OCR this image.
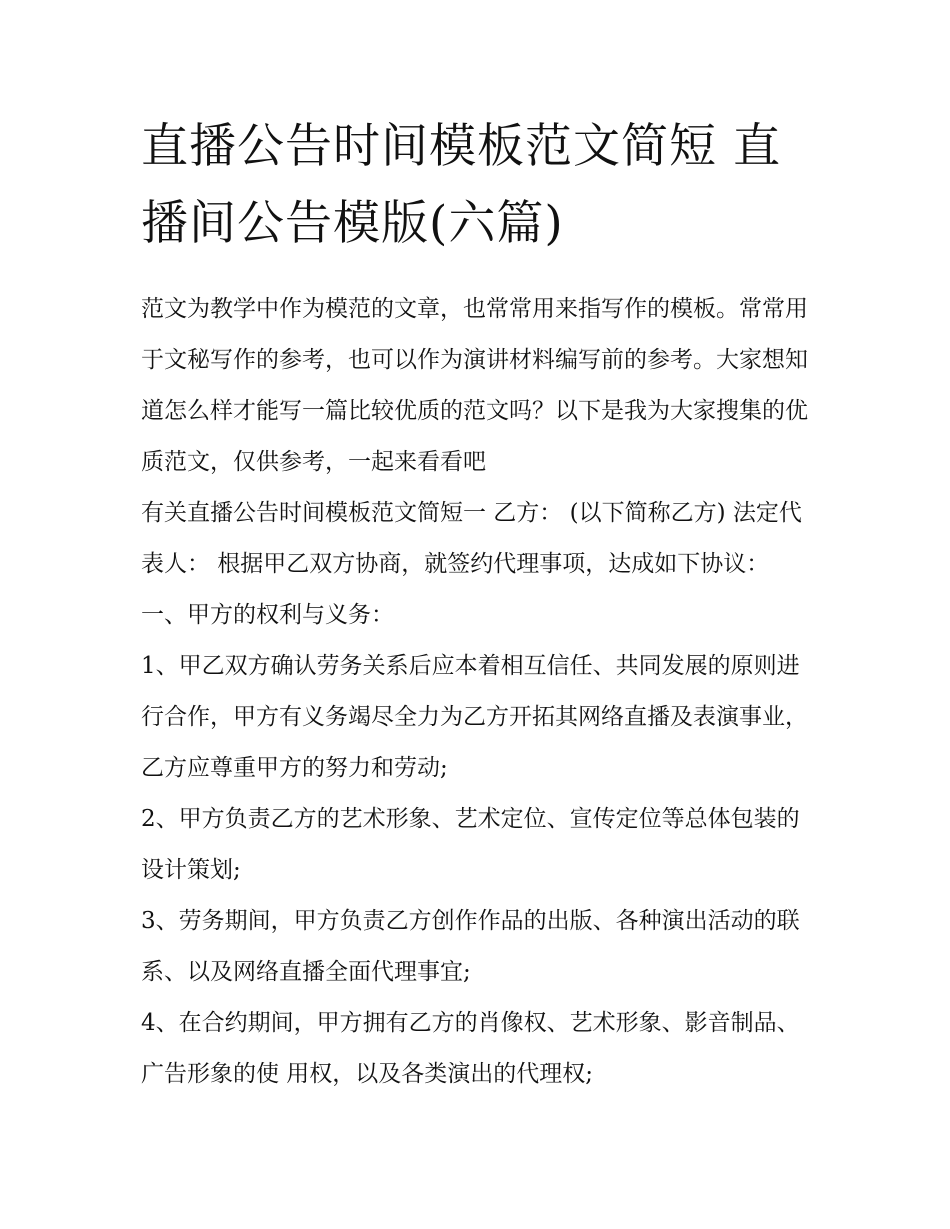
直播公告时间模板范文简短 直播间公告模版(六篇)

范文为教学中作为模范的文章，也常常用来指写作的模板。常常用于文秘写作的参考，也可以作为演讲材料编写前的参考。大家想知道怎么样才能写一篇比较优质的范文吗？以下是我为大家搜集的优质范文，仅供参考，一起来看看吧

有关直播公告时间模板范文简短一 乙方： (以下简称乙方) 法定代表人： 根据甲乙双方协商，就签约代理事项，达成如下协议： 一、甲方的权利与义务：

1、甲乙双方确认劳务关系后应本着相互信任、共同发展的原则进行合作，甲方有义务竭尽全力为乙方开拓其网络直播及表演事业，乙方应尊重甲方的努力和劳动;

2、甲方负责乙方的艺术形象、艺术定位、宣传定位等总体包装的设计策划;

3、劳务期间，甲方负责乙方创作作品的出版、各种演出活动的联系、以及网络直播全面代理事宜;

4、在合约期间，甲方拥有乙方的肖像权、艺术形象、影音制品、广告形象的使 用权，以及各类演出的代理权;
